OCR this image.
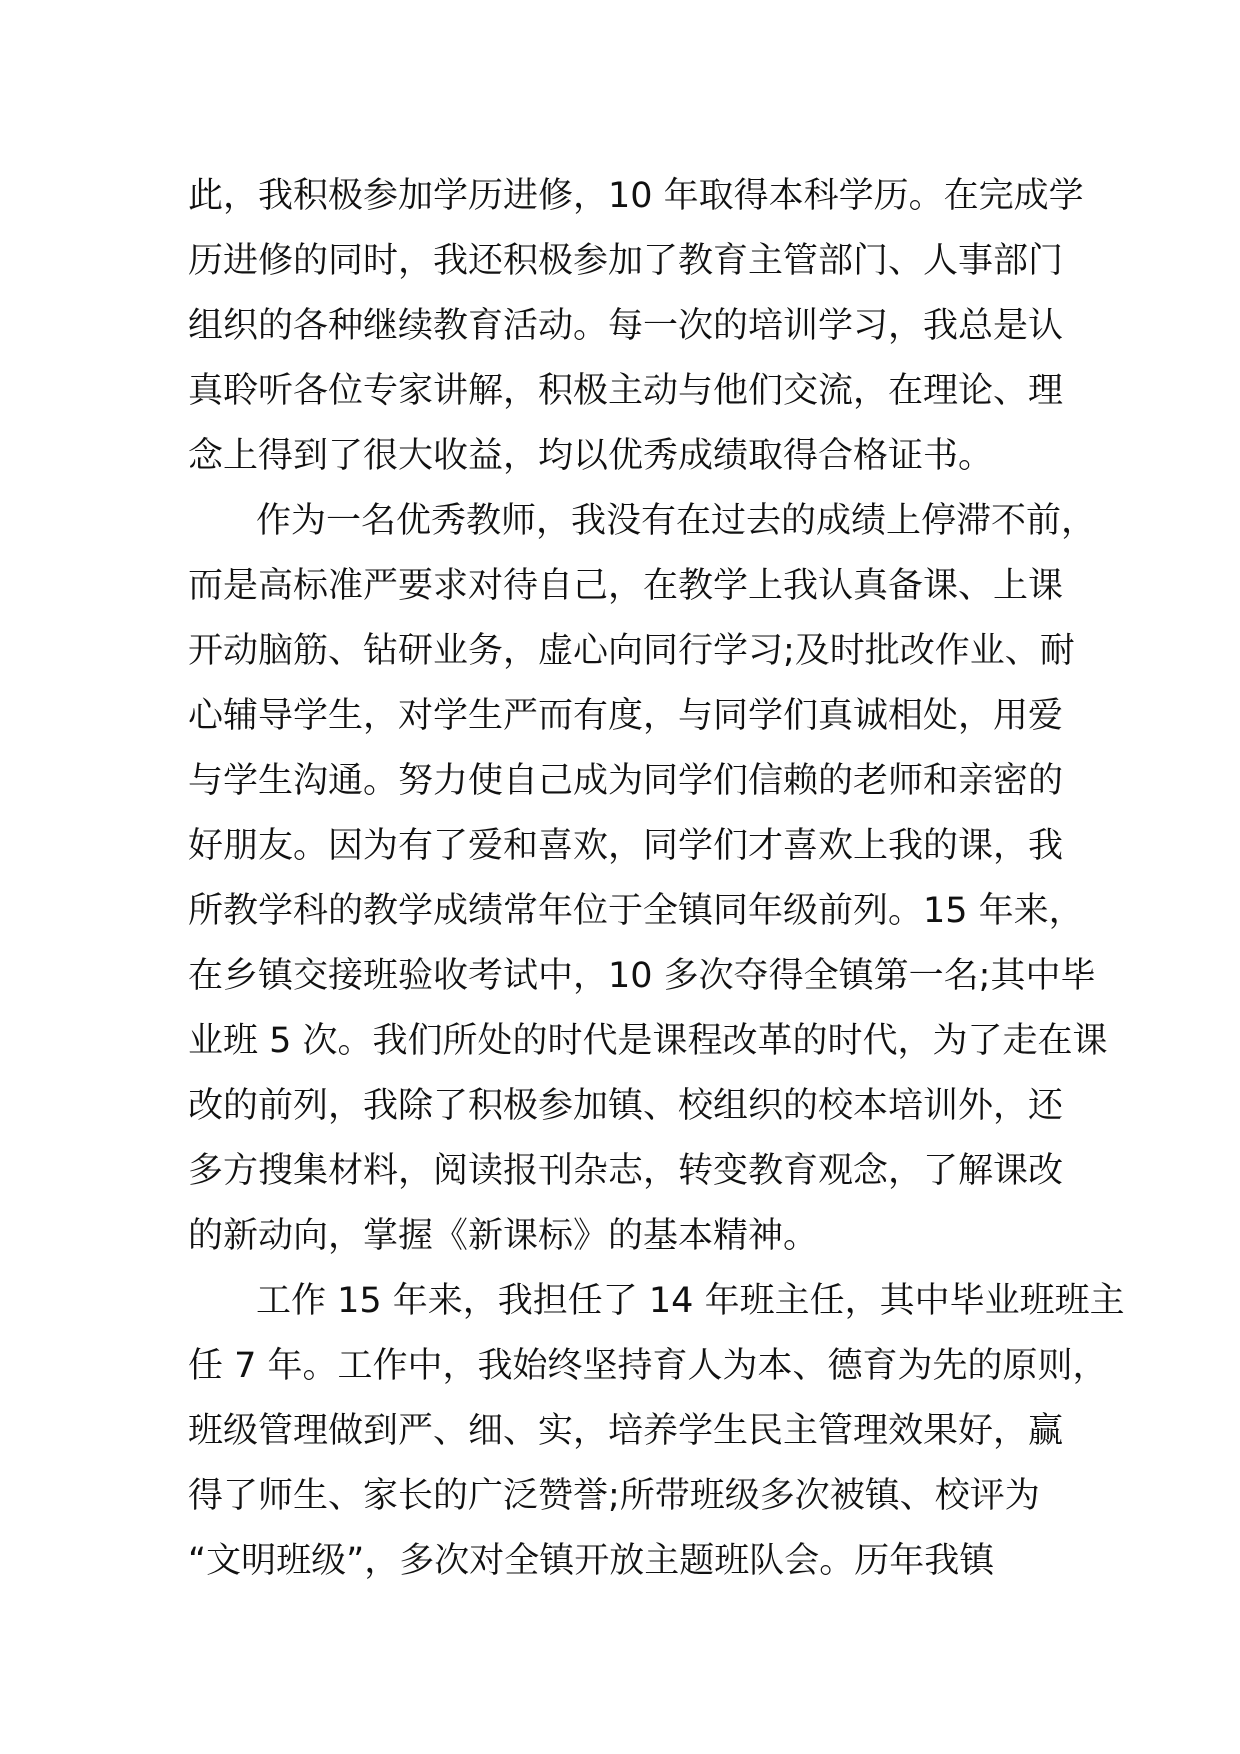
此，我积极参加学历进修，10 年取得本科学历。在完成学
历进修的同时，我还积极参加了教育主管部门、人事部门
组织的各种继续教育活动。每一次的培训学习，我总是认
真聆听各位专家讲解，积极主动与他们交流，在理论、理
念上得到了很大收益，均以优秀成绩取得合格证书。
作为一名优秀教师，我没有在过去的成绩上停滞不前，
而是高标准严要求对待自己，在教学上我认真备课、上课
开动脑筋、钻研业务，虚心向同行学习;及时批改作业、耐
心辅导学生，对学生严而有度，与同学们真诚相处，用爱
与学生沟通。努力使自己成为同学们信赖的老师和亲密的
好朋友。因为有了爱和喜欢，同学们才喜欢上我的课，我
所教学科的教学成绩常年位于全镇同年级前列。15 年来，
在乡镇交接班验收考试中，10 多次夺得全镇第一名;其中毕
业班 5 次。我们所处的时代是课程改革的时代，为了走在课
改的前列，我除了积极参加镇、校组织的校本培训外，还
多方搜集材料，阅读报刊杂志，转变教育观念，了解课改
的新动向，掌握《新课标》的基本精神。
工作 15 年来，我担任了 14 年班主任，其中毕业班班主
任 7 年。工作中，我始终坚持育人为本、德育为先的原则，
班级管理做到严、细、实，培养学生民主管理效果好，赢
得了师生、家长的广泛赞誉;所带班级多次被镇、校评为
“文明班级”，多次对全镇开放主题班队会。历年我镇
